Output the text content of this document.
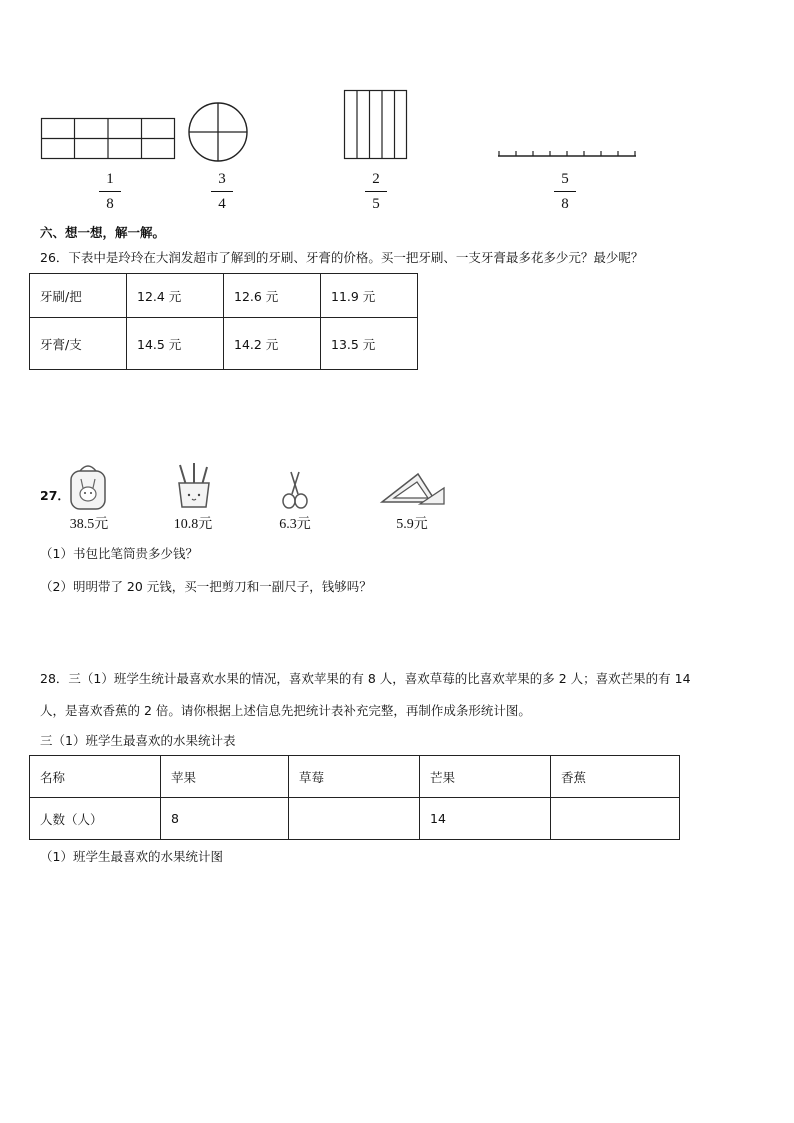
1
8
3
4
2
5
5
8
六、想一想，解一解。
26．下表中是玲玲在大润发超市了解到的牙刷、牙膏的价格。买一把牙刷、一支牙膏最多花多少元？最少呢？
牙刷/把	12.4 元	12.6 元	11.9 元
牙膏/支	14.5 元	14.2 元	13.5 元
27．
38.5元	10.8元	6.3元	5.9元
（1）书包比笔筒贵多少钱？
（2）明明带了 20 元钱，买一把剪刀和一副尺子，钱够吗？
28．三（1）班学生统计最喜欢水果的情况，喜欢苹果的有 8 人，喜欢草莓的比喜欢苹果的多 2 人；喜欢芒果的有 14
人，是喜欢香蕉的 2 倍。请你根据上述信息先把统计表补充完整，再制作成条形统计图。
三（1）班学生最喜欢的水果统计表
名称	苹果	草莓	芒果	香蕉
人数（人）	8		14	
（1）班学生最喜欢的水果统计图
